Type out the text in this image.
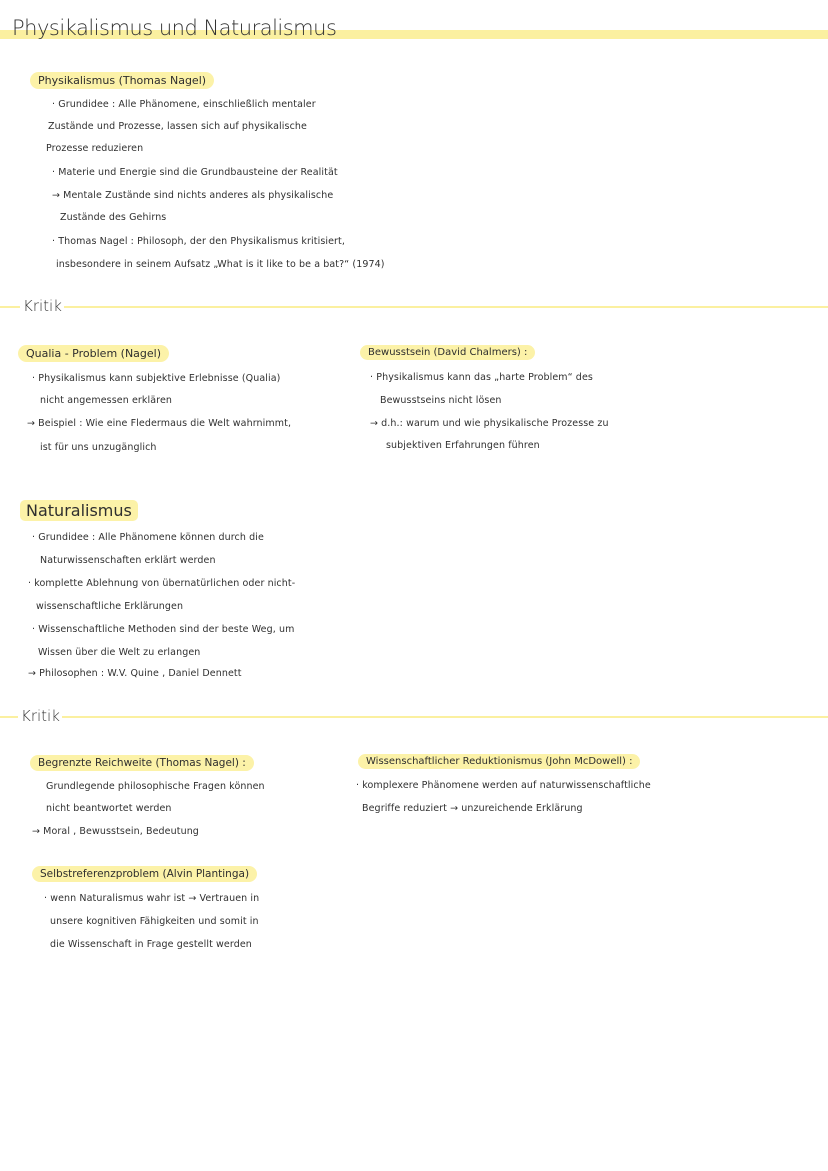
Physikalismus und Naturalismus
Physikalismus (Thomas Nagel)
· Grundidee : Alle Phänomene, einschließlich mentaler
Zustände und Prozesse, lassen sich auf physikalische
Prozesse reduzieren
· Materie und Energie sind die Grundbausteine der Realität
→ Mentale Zustände sind nichts anderes als physikalische
Zustände des Gehirns
· Thomas Nagel : Philosoph, der den Physikalismus kritisiert,
insbesondere in seinem Aufsatz „What is it like to be a bat?“ (1974)
Kritik
Qualia - Problem (Nagel)
· Physikalismus kann subjektive Erlebnisse (Qualia)
nicht angemessen erklären
→ Beispiel : Wie eine Fledermaus die Welt wahrnimmt,
ist für uns unzugänglich
Bewusstsein (David Chalmers) :
· Physikalismus kann das „harte Problem“ des
Bewusstseins nicht lösen
→ d.h.: warum und wie physikalische Prozesse zu
subjektiven Erfahrungen führen
Naturalismus
· Grundidee : Alle Phänomene können durch die
Naturwissenschaften erklärt werden
· komplette Ablehnung von übernatürlichen oder nicht-
wissenschaftliche Erklärungen
· Wissenschaftliche Methoden sind der beste Weg, um
Wissen über die Welt zu erlangen
→ Philosophen : W.V. Quine , Daniel Dennett
Kritik
Begrenzte Reichweite (Thomas Nagel) :
Grundlegende philosophische Fragen können
nicht beantwortet werden
→ Moral , Bewusstsein, Bedeutung
Selbstreferenzproblem (Alvin Plantinga)
· wenn Naturalismus wahr ist → Vertrauen in
unsere kognitiven Fähigkeiten und somit in
die Wissenschaft in Frage gestellt werden
Wissenschaftlicher Reduktionismus (John McDowell) :
· komplexere Phänomene werden auf naturwissenschaftliche
Begriffe reduziert → unzureichende Erklärung
